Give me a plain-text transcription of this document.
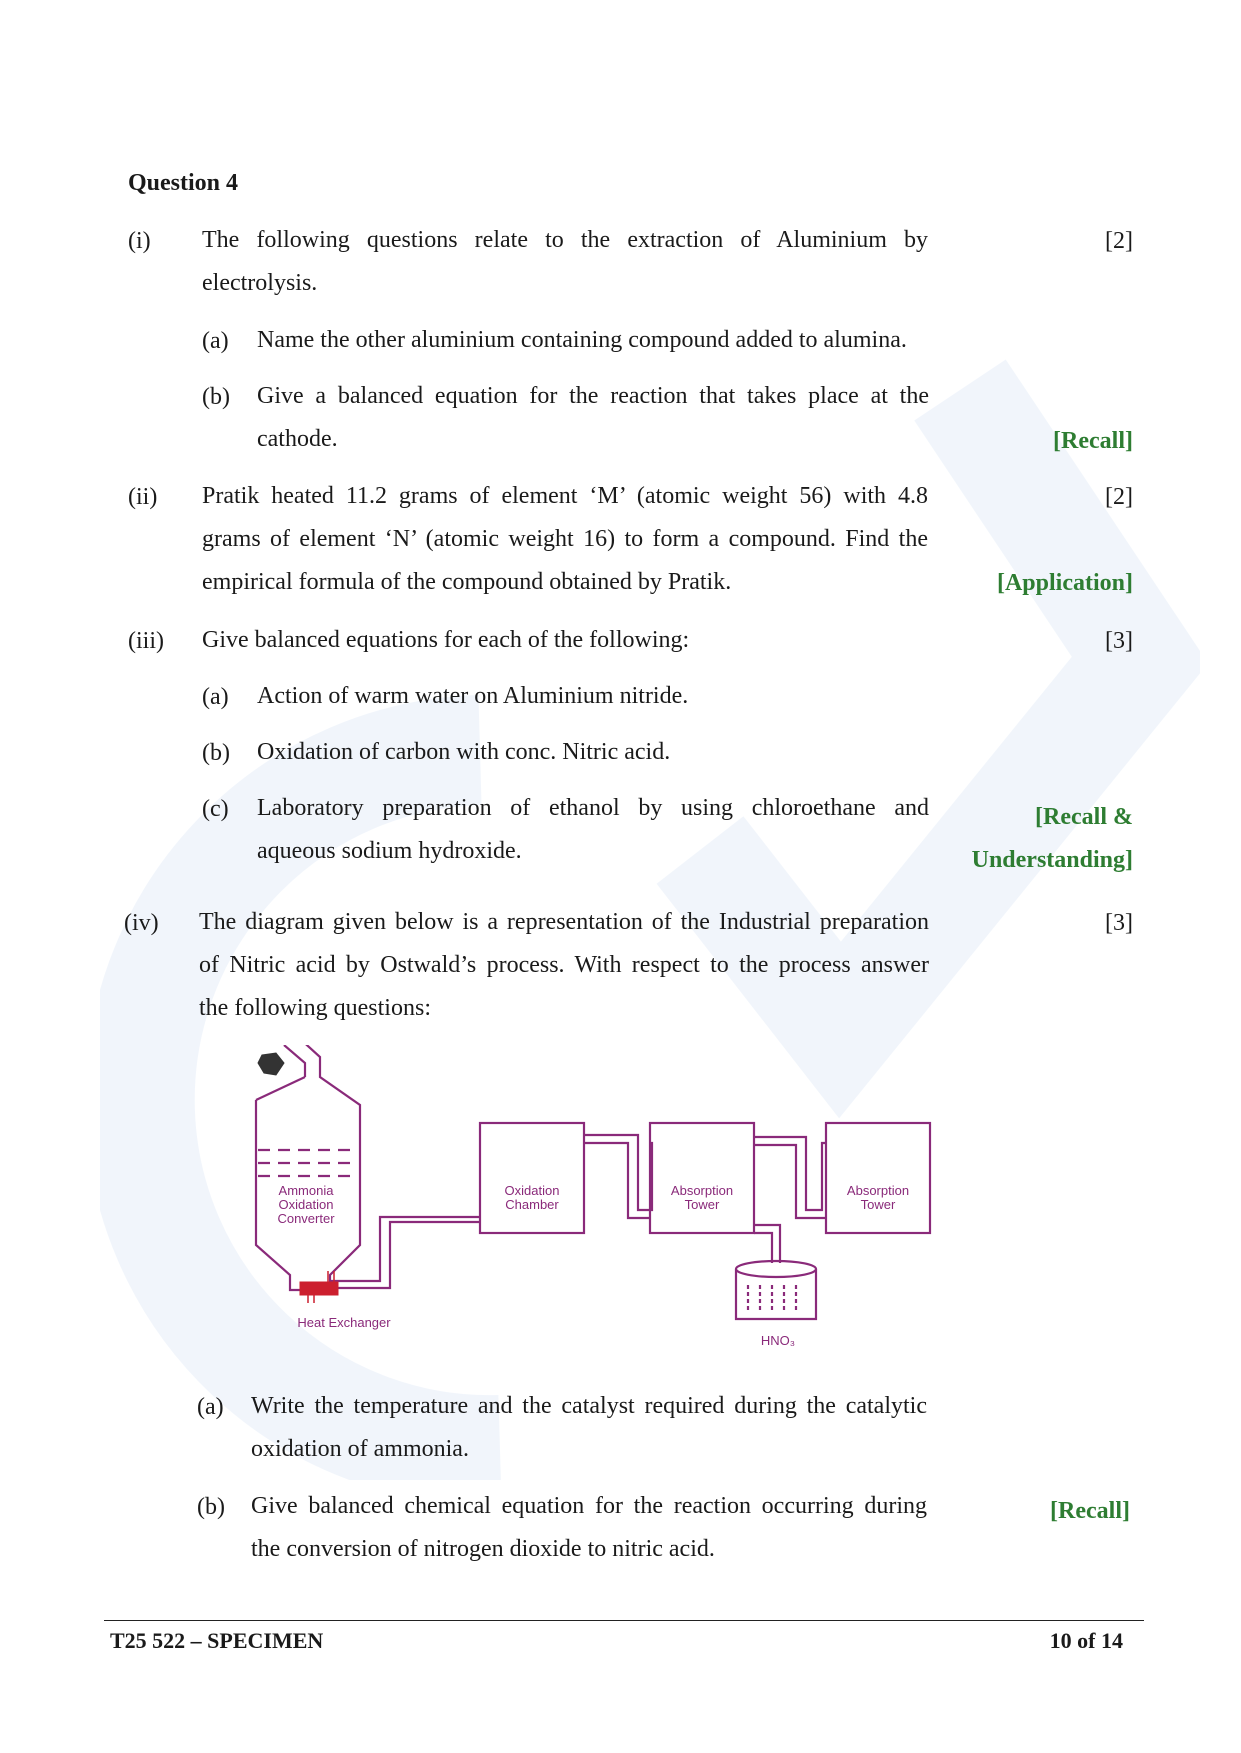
Question 4
(i) The following questions relate to the extraction of Aluminium by
electrolysis.
[2]
(a) Name the other aluminium containing compound added to alumina.
(b) Give a balanced equation for the reaction that takes place at the
cathode.	[Recall]
(ii) Pratik heated 11.2 grams of element ‘M’ (atomic weight 56) with 4.8
grams of element ‘N’ (atomic weight 16) to form a compound. Find the
empirical formula of the compound obtained by Pratik.
[2]
[Application]
(iii) Give balanced equations for each of the following:	[3]
(a) Action of warm water on Aluminium nitride.
(b) Oxidation of carbon with conc. Nitric acid.
(c) Laboratory preparation of ethanol by using chloroethane and
aqueous sodium hydroxide.
[Recall &
Understanding]
(iv) The diagram given below is a representation of the Industrial preparation
of Nitric acid by Ostwald’s process. With respect to the process answer
the following questions:
[3]
Ammonia
Oxidation
Converter
Oxidation
Chamber
Absorption
Tower
Absorption
Tower
Heat Exchanger
HNO₃
(a) Write the temperature and the catalyst required during the catalytic
oxidation of ammonia.
(b) Give balanced chemical equation for the reaction occurring during
the conversion of nitrogen dioxide to nitric acid.
[Recall]
T25 522 – SPECIMEN	10 of 14
